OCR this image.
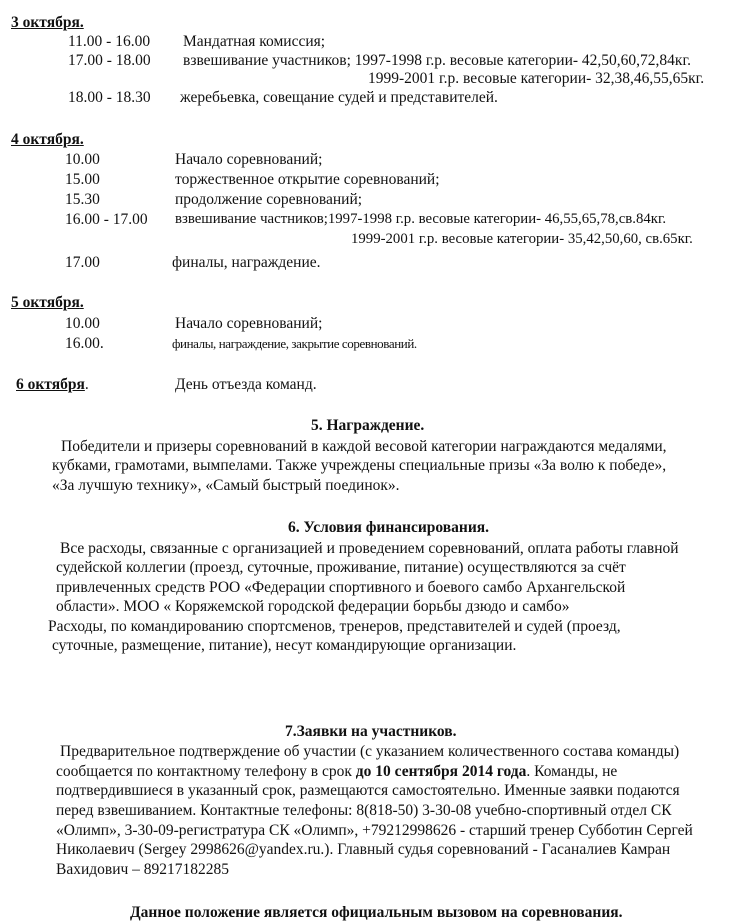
3 октября.
11.00 - 16.00 Мандатная комиссия;
17.00 - 18.00 взвешивание участников; 1997-1998 г.р. весовые категории- 42,50,60,72,84кг.
1999-2001 г.р. весовые категории- 32,38,46,55,65кг.
18.00 - 18.30 жеребьевка, совещание судей и представителей.
4 октября.
10.00	Начало соревнований;
15.00	торжественное открытие соревнований;
15.30	продолжение соревнований;
16.00 - 17.00 взвешивание частников;1997-1998 г.р. весовые категории- 46,55,65,78,св.84кг.
1999-2001 г.р. весовые категории- 35,42,50,60, св.65кг.
17.00	финалы, награждение.
5 октября.
10.00	Начало соревнований;
16.00.	финалы, награждение, закрытие соревнований.
6 октября.	День отъезда команд.
5. Награждение.
Победители и призеры соревнований в каждой весовой категории награждаются медалями,
кубками, грамотами, вымпелами. Также учреждены специальные призы «За волю к победе»,
«За лучшую технику», «Самый быстрый поединок».
6. Условия финансирования.
Все расходы, связанные с организацией и проведением соревнований, оплата работы главной
судейской коллегии (проезд, суточные, проживание, питание) осуществляются за счёт
привлеченных средств РОО «Федерации спортивного и боевого самбо Архангельской
области». МОО « Коряжемской городской федерации борьбы дзюдо и самбо»
Расходы, по командированию спортсменов, тренеров, представителей и судей (проезд,
суточные, размещение, питание), несут командирующие организации.
7.Заявки на участников.
Предварительное подтверждение об участии (с указанием количественного состава команды)
сообщается по контактному телефону в срок до 10 сентября 2014 года. Команды, не
подтвердившиеся в указанный срок, размещаются самостоятельно. Именные заявки подаются
перед взвешиванием. Контактные телефоны: 8(818-50) 3-30-08 учебно-спортивный отдел СК
«Олимп», 3-30-09-регистратура СК «Олимп», +79212998626 - старший тренер Субботин Сергей
Николаевич (Sergey 2998626@yandex.ru.). Главный судья соревнований - Гасаналиев Камран
Вахидович – 89217182285
Данное положение является официальным вызовом на соревнования.
